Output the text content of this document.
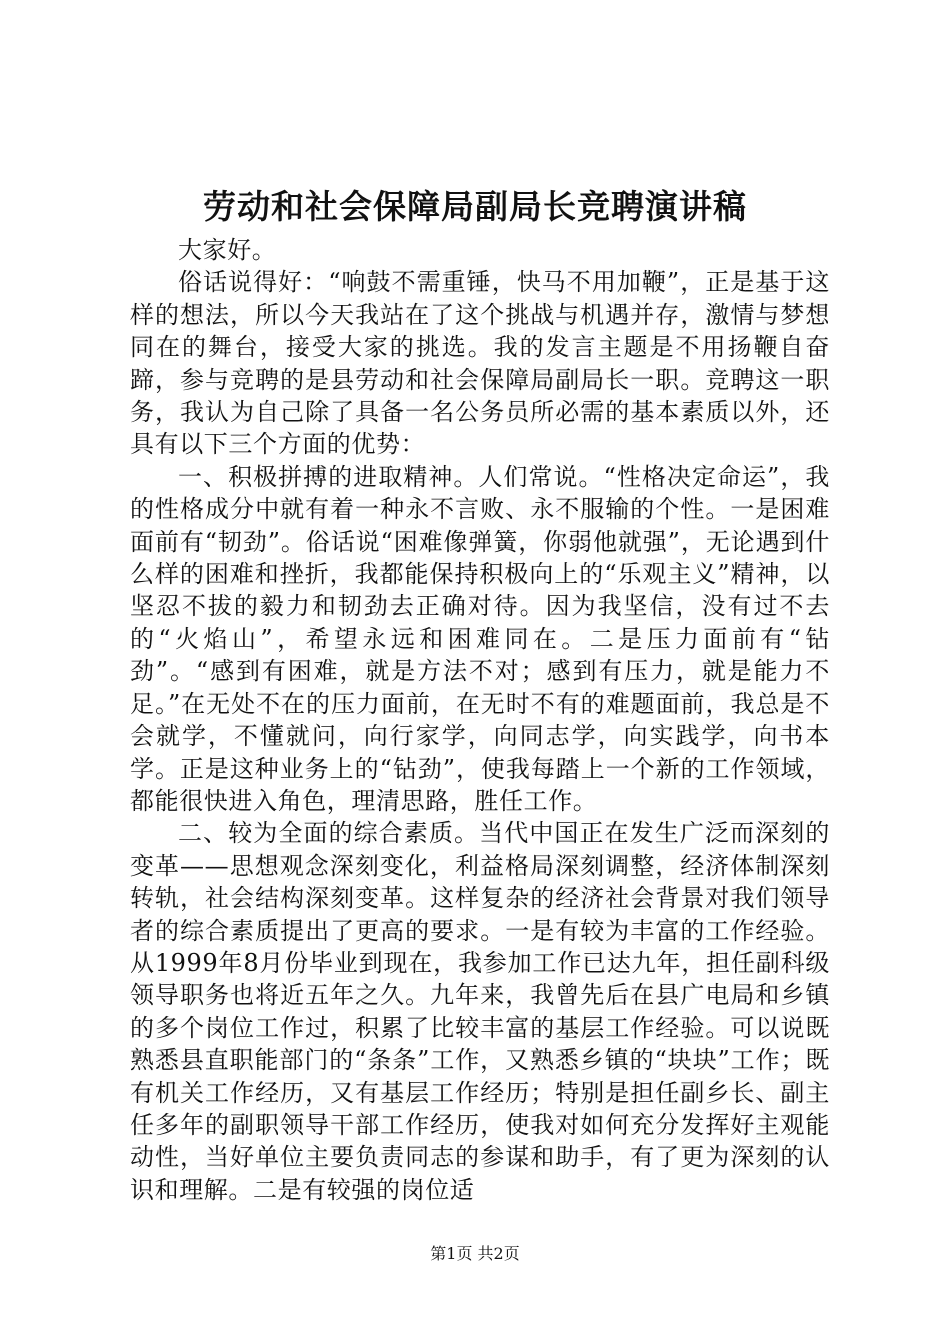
劳动和社会保障局副局长竞聘演讲稿

大家好。

俗话说得好：“响鼓不需重锤，快马不用加鞭”，正是基于这样的想法，所以今天我站在了这个挑战与机遇并存，激情与梦想同在的舞台，接受大家的挑选。我的发言主题是不用扬鞭自奋蹄，参与竞聘的是县劳动和社会保障局副局长一职。竞聘这一职务，我认为自己除了具备一名公务员所必需的基本素质以外，还具有以下三个方面的优势：

一、积极拼搏的进取精神。人们常说。“性格决定命运”，我的性格成分中就有着一种永不言败、永不服输的个性。一是困难面前有“韧劲”。俗话说“困难像弹簧，你弱他就强”，无论遇到什么样的困难和挫折，我都能保持积极向上的“乐观主义”精神，以坚忍不拔的毅力和韧劲去正确对待。因为我坚信，没有过不去的“火焰山”，希望永远和困难同在。二是压力面前有“钻劲”。“感到有困难，就是方法不对；感到有压力，就是能力不足。”在无处不在的压力面前，在无时不有的难题面前，我总是不会就学，不懂就问，向行家学，向同志学，向实践学，向书本学。正是这种业务上的“钻劲”，使我每踏上一个新的工作领域，都能很快进入角色，理清思路，胜任工作。

二、较为全面的综合素质。当代中国正在发生广泛而深刻的变革——思想观念深刻变化，利益格局深刻调整，经济体制深刻转轨，社会结构深刻变革。这样复杂的经济社会背景对我们领导者的综合素质提出了更高的要求。一是有较为丰富的工作经验。从1999年8月份毕业到现在，我参加工作已达九年，担任副科级领导职务也将近五年之久。九年来，我曾先后在县广电局和乡镇的多个岗位工作过，积累了比较丰富的基层工作经验。可以说既熟悉县直职能部门的“条条”工作，又熟悉乡镇的“块块”工作；既有机关工作经历，又有基层工作经历；特别是担任副乡长、副主任多年的副职领导干部工作经历，使我对如何充分发挥好主观能动性，当好单位主要负责同志的参谋和助手，有了更为深刻的认识和理解。二是有较强的岗位适

第1页 共2页
